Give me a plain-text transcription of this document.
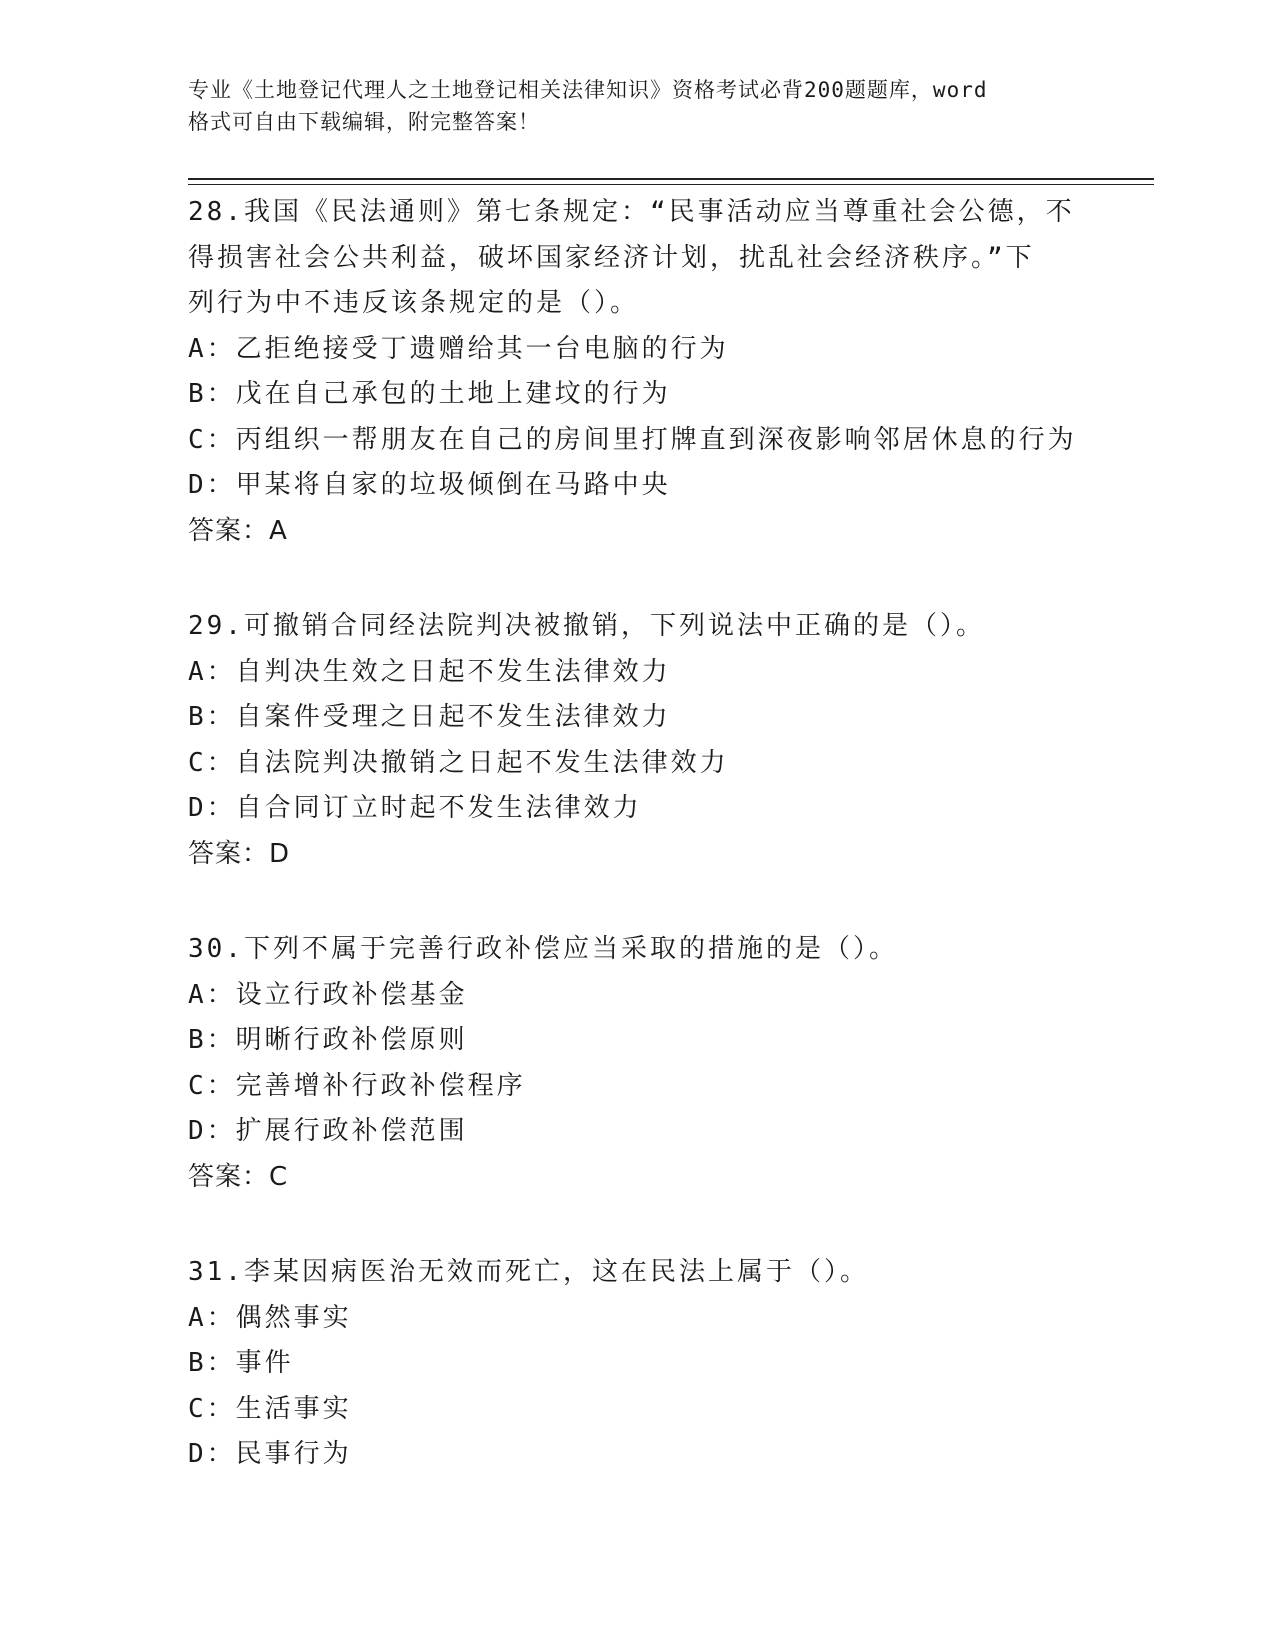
专业《土地登记代理人之土地登记相关法律知识》资格考试必背200题题库，word
格式可自由下载编辑，附完整答案！
28.我国《民法通则》第七条规定：“民事活动应当尊重社会公德，不
得损害社会公共利益，破坏国家经济计划，扰乱社会经济秩序。”下
列行为中不违反该条规定的是（）。
A：乙拒绝接受丁遗赠给其一台电脑的行为
B：戊在自己承包的土地上建坟的行为
C：丙组织一帮朋友在自己的房间里打牌直到深夜影响邻居休息的行为
D：甲某将自家的垃圾倾倒在马路中央
答案：A
29.可撤销合同经法院判决被撤销，下列说法中正确的是（）。
A：自判决生效之日起不发生法律效力
B：自案件受理之日起不发生法律效力
C：自法院判决撤销之日起不发生法律效力
D：自合同订立时起不发生法律效力
答案：D
30.下列不属于完善行政补偿应当采取的措施的是（）。
A：设立行政补偿基金
B：明晰行政补偿原则
C：完善增补行政补偿程序
D：扩展行政补偿范围
答案：C
31.李某因病医治无效而死亡，这在民法上属于（）。
A：偶然事实
B：事件
C：生活事实
D：民事行为
